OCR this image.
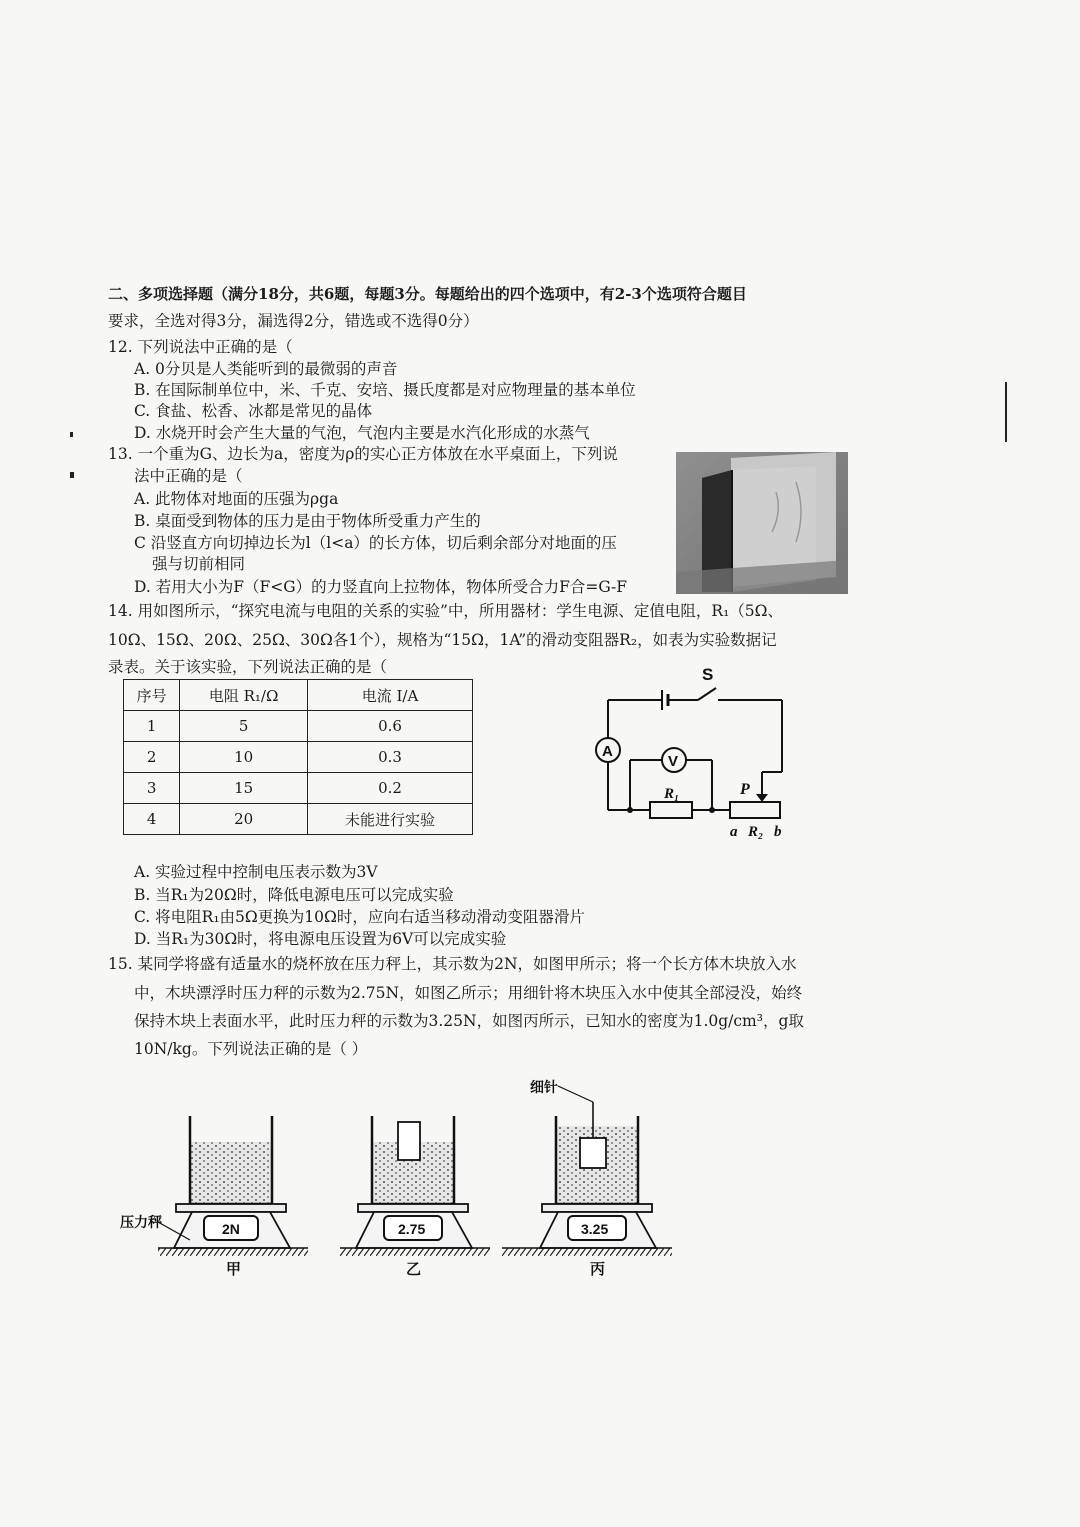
二、多项选择题（满分18分，共6题，每题3分。每题给出的四个选项中，有2-3个选项符合题目
要求，全选对得3分，漏选得2分，错选或不选得0分）
12. 下列说法中正确的是（
A. 0分贝是人类能听到的最微弱的声音
B. 在国际制单位中，米、千克、安培、摄氏度都是对应物理量的基本单位
C. 食盐、松香、冰都是常见的晶体
D. 水烧开时会产生大量的气泡，气泡内主要是水汽化形成的水蒸气
13. 一个重为G、边长为a，密度为ρ的实心正方体放在水平桌面上，下列说
法中正确的是（
A. 此物体对地面的压强为ρga
B. 桌面受到物体的压力是由于物体所受重力产生的
C 沿竖直方向切掉边长为l（l<a）的长方体，切后剩余部分对地面的压
强与切前相同
D. 若用大小为F（F<G）的力竖直向上拉物体，物体所受合力F合=G-F
14. 用如图所示，“探究电流与电阻的关系的实验”中，所用器材：学生电源、定值电阻，R₁（5Ω、
10Ω、15Ω、20Ω、25Ω、30Ω各1个），规格为“15Ω，1A”的滑动变阻器R₂，如表为实验数据记
录表。关于该实验，下列说法正确的是（
序号	电阻 R₁/Ω	电流 I/A
1	5	0.6
2	10	0.3
3	15	0.2
4	20	未能进行实验
S
A
V
R₁	P
a R₂ b
A. 实验过程中控制电压表示数为3V
B. 当R₁为20Ω时，降低电源电压可以完成实验
C. 将电阻R₁由5Ω更换为10Ω时，应向右适当移动滑动变阻器滑片
D. 当R₁为30Ω时，将电源电压设置为6V可以完成实验
15. 某同学将盛有适量水的烧杯放在压力秤上，其示数为2N，如图甲所示；将一个长方体木块放入水
中，木块漂浮时压力秤的示数为2.75N，如图乙所示；用细针将木块压入水中使其全部浸没，始终
保持木块上表面水平，此时压力秤的示数为3.25N，如图丙所示，已知水的密度为1.0g/cm³，g取
10N/kg。下列说法正确的是（ ）
压力秤
细针
2N	2.75	3.25
甲	乙	丙
